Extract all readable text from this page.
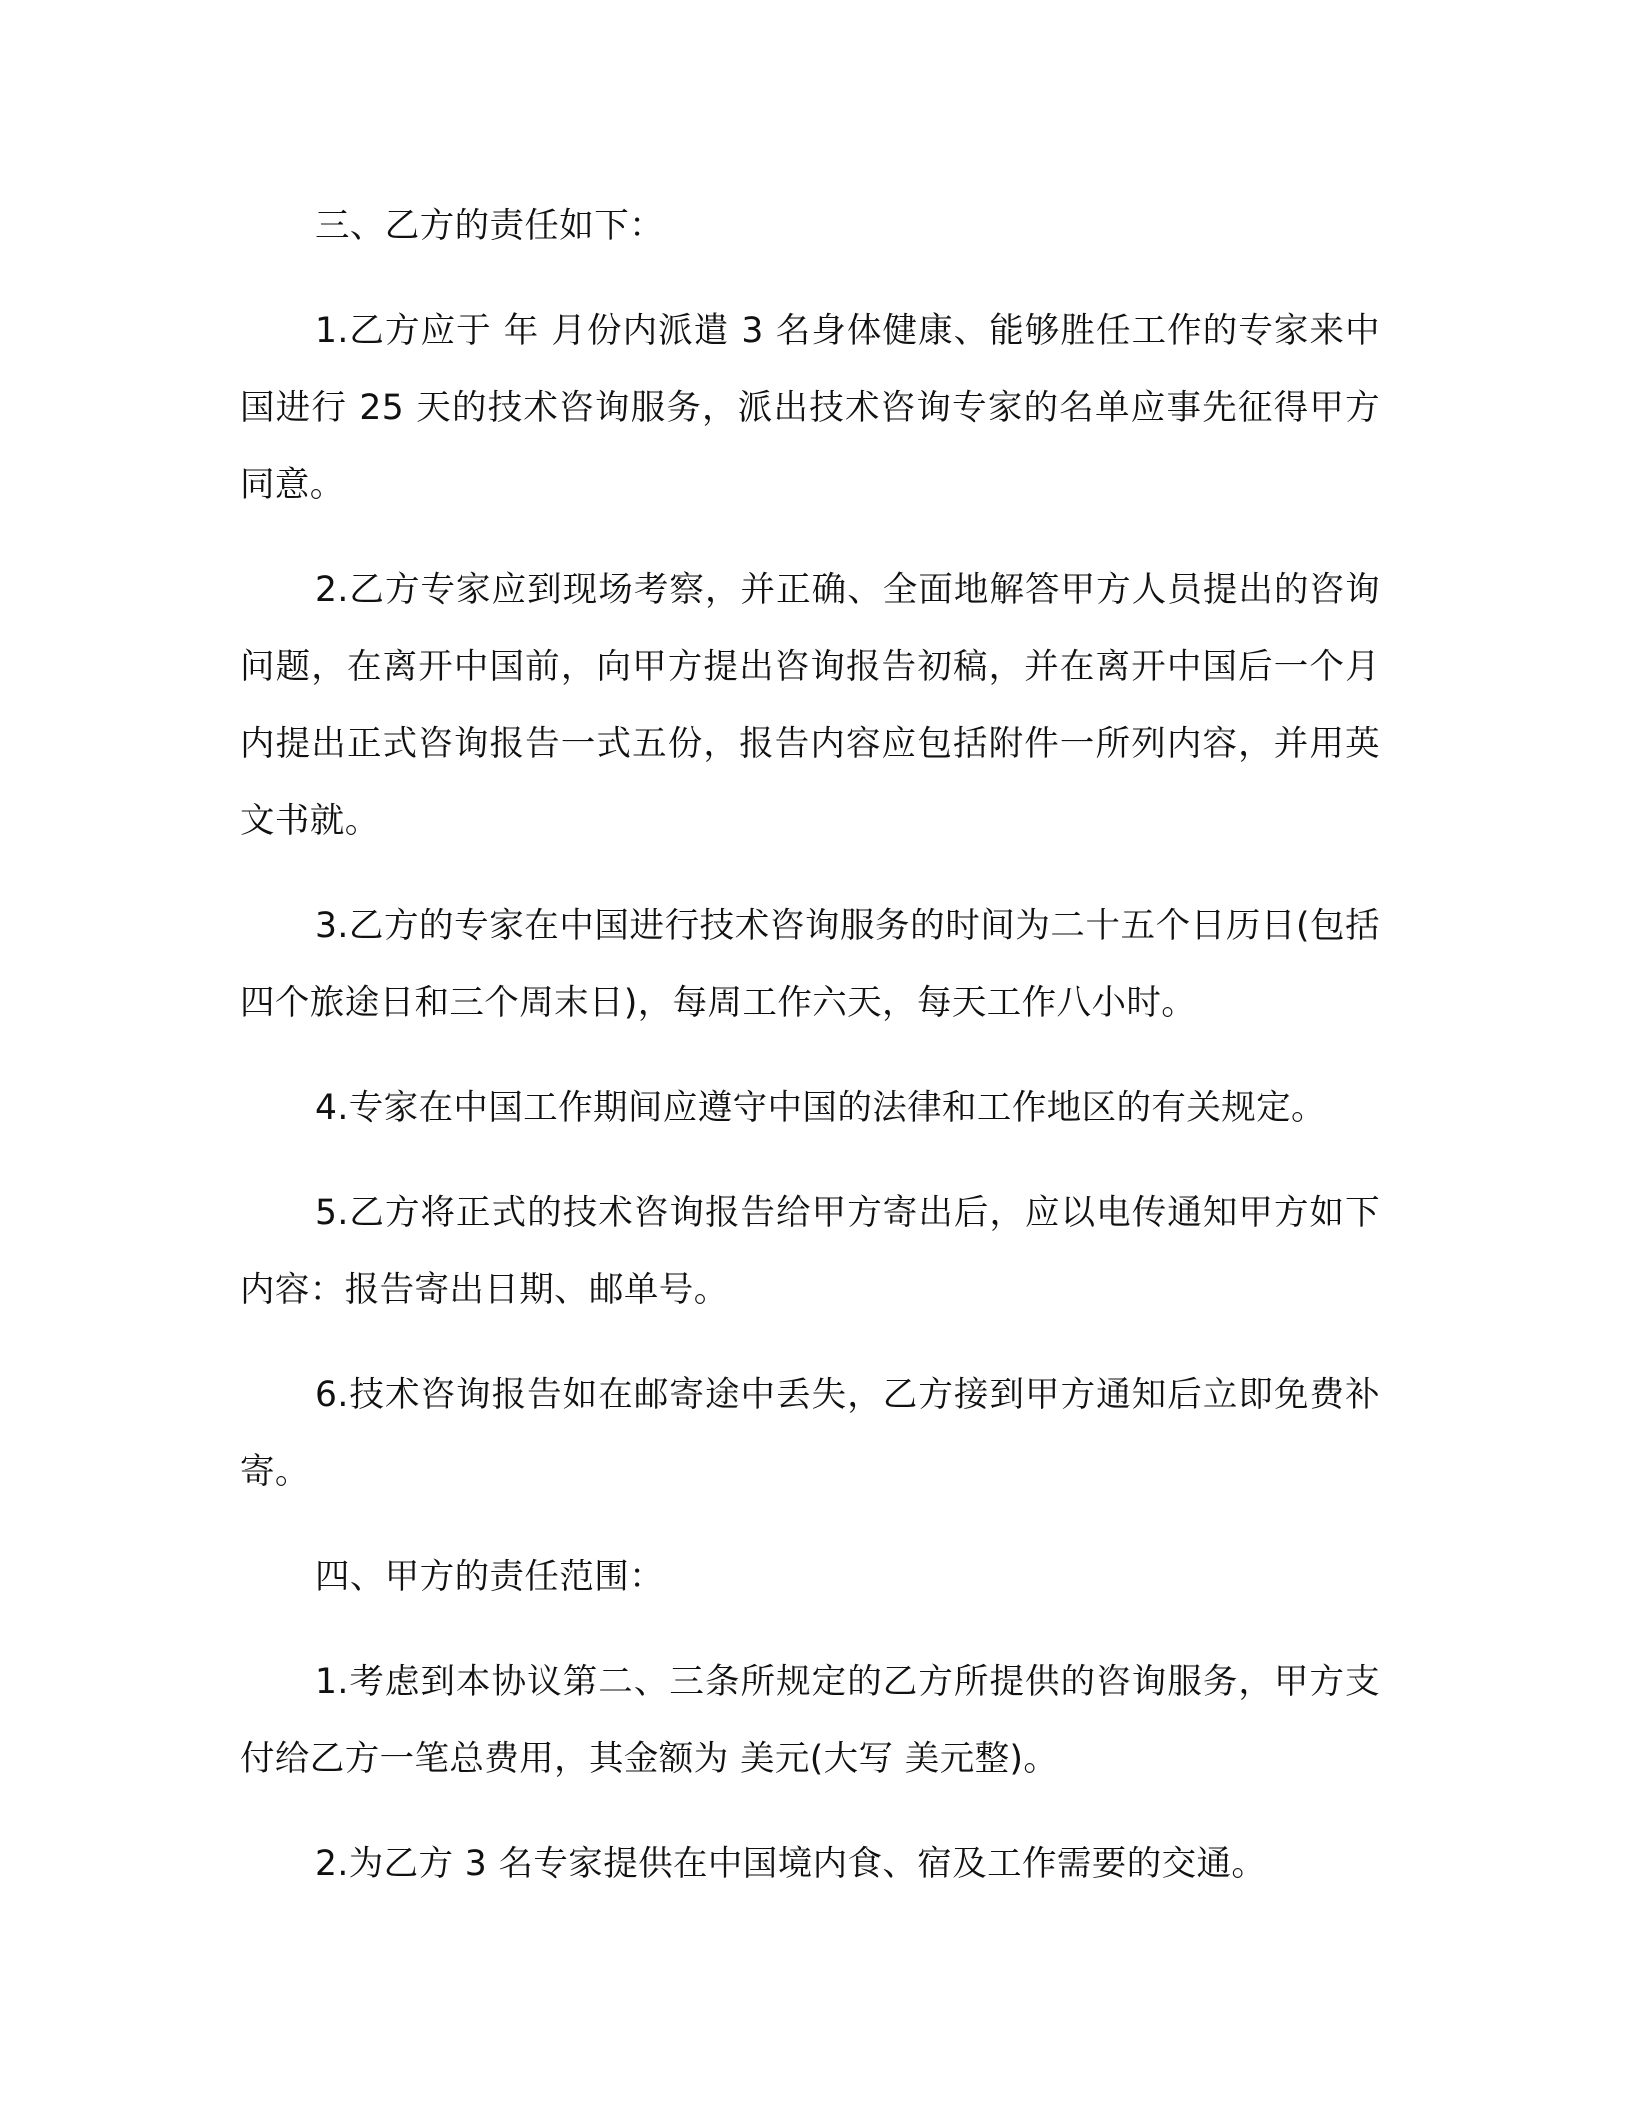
三、乙方的责任如下：

1.乙方应于 年 月份内派遣 3 名身体健康、能够胜任工作的专家来中国进行 25 天的技术咨询服务，派出技术咨询专家的名单应事先征得甲方同意。

2.乙方专家应到现场考察，并正确、全面地解答甲方人员提出的咨询问题，在离开中国前，向甲方提出咨询报告初稿，并在离开中国后一个月内提出正式咨询报告一式五份，报告内容应包括附件一所列内容，并用英文书就。

3.乙方的专家在中国进行技术咨询服务的时间为二十五个日历日(包括四个旅途日和三个周末日)，每周工作六天，每天工作八小时。

4.专家在中国工作期间应遵守中国的法律和工作地区的有关规定。

5.乙方将正式的技术咨询报告给甲方寄出后，应以电传通知甲方如下内容：报告寄出日期、邮单号。

6.技术咨询报告如在邮寄途中丢失，乙方接到甲方通知后立即免费补寄。

四、甲方的责任范围：

1.考虑到本协议第二、三条所规定的乙方所提供的咨询服务，甲方支付给乙方一笔总费用，其金额为 美元(大写 美元整)。

2.为乙方 3 名专家提供在中国境内食、宿及工作需要的交通。
